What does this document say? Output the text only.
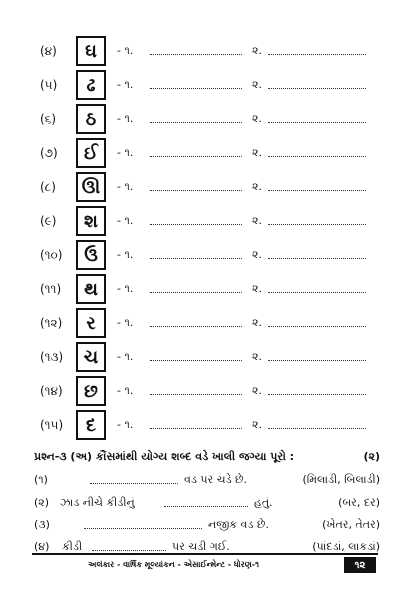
(૪)	ઘ	- ૧.	૨.
(૫)	ઢ	- ૧.	૨.
(૬)	ઠ	- ૧.	૨.
(૭)	ઈ	- ૧.	૨.
(૮)	ઊ	- ૧.	૨.
(૯)	શ	- ૧.	૨.
(૧૦)	ઉ	- ૧.	૨.
(૧૧)	થ	- ૧.	૨.
(૧૨)	ર	- ૧.	૨.
(૧૩)	ચ	- ૧.	૨.
(૧૪)	છ	- ૧.	૨.
(૧૫)	દ	- ૧.	૨.
પ્રશ્ન-૩ (અ) કૌંસમાંથી યોગ્ય શબ્દ વડે ખાલી જગ્યા પૂરો :	(૨)
(૧)	વડ પર ચડે છે.	(મિલાડી, બિલાડી)
(૨) ઝાડ નીચે કીડીનું	હતું.	(બર, દર)
(૩)	નજીક વડ છે.	(ખેતર, તેતર)
(૪) કીડી	પર ચડી ગઈ.	(પાંદડાં, લાકડાં)
અલંકાર - વાર્ષિક મૂલ્યાંકન - એસાઈન્મેન્ટ - ધોરણ-૧	૧૨
